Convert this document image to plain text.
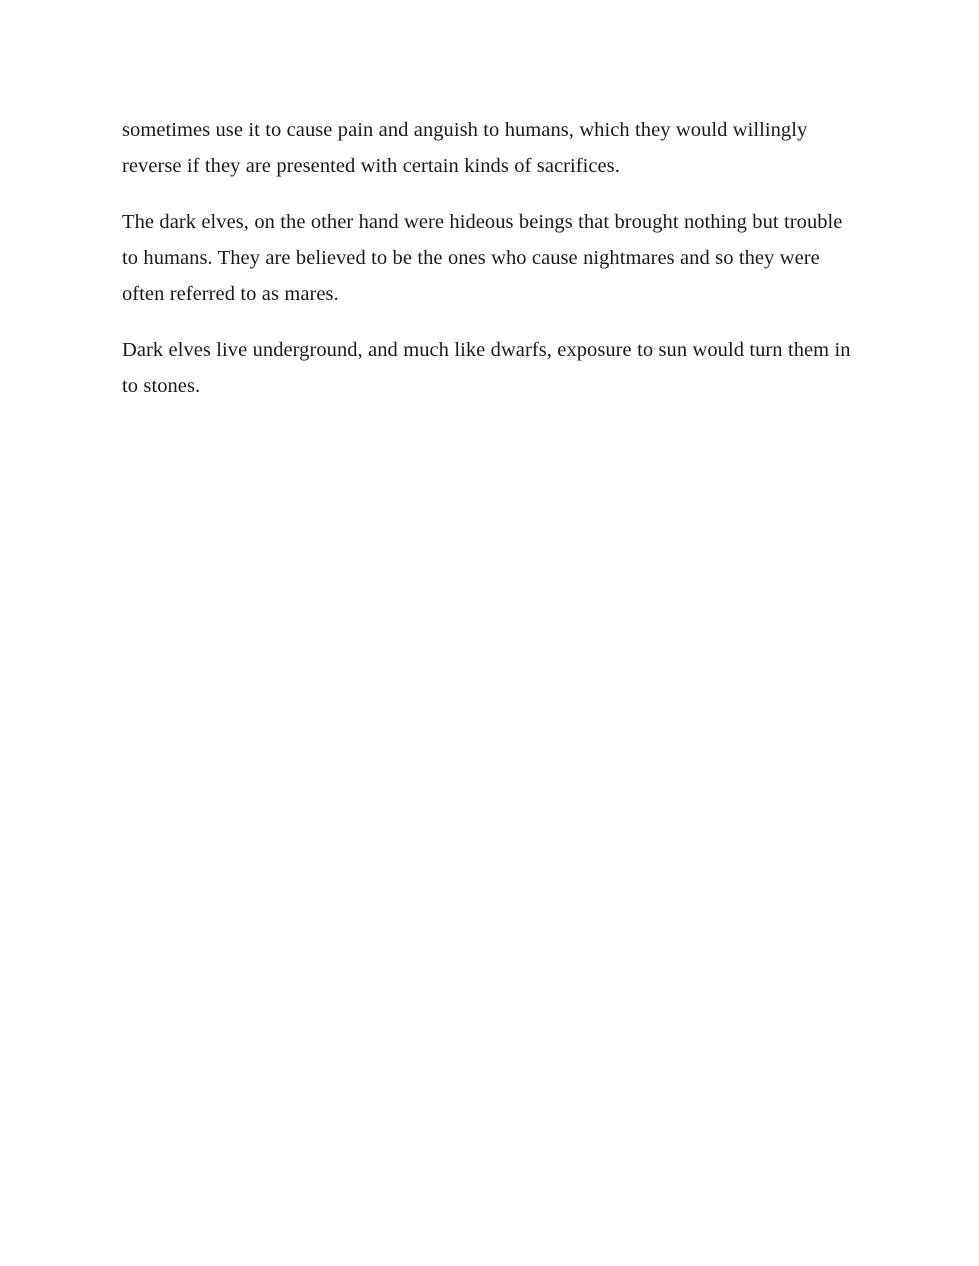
sometimes use it to cause pain and anguish to humans, which they would willingly reverse if they are presented with certain kinds of sacrifices.

The dark elves, on the other hand were hideous beings that brought nothing but trouble to humans. They are believed to be the ones who cause nightmares and so they were often referred to as mares.

Dark elves live underground, and much like dwarfs, exposure to sun would turn them in to stones.
